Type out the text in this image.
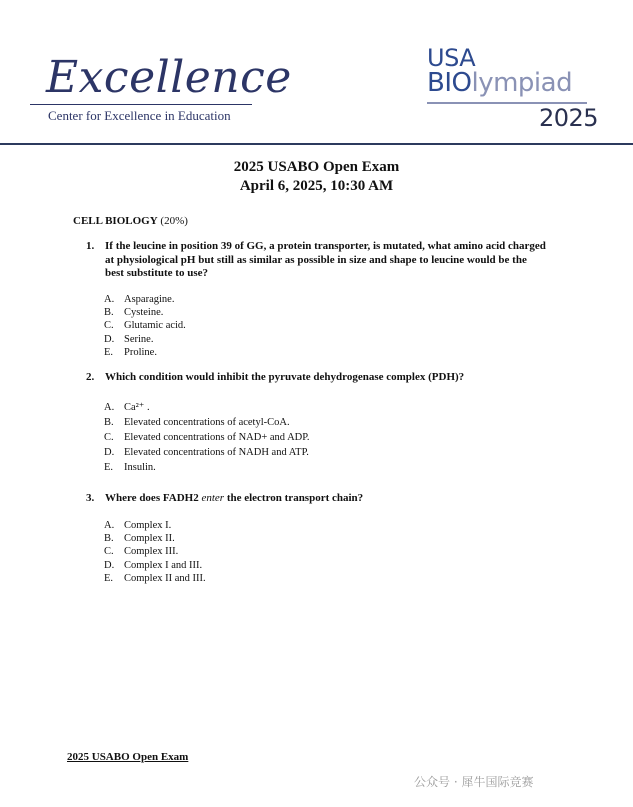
Excellence
Center for Excellence in Education
USA
BIOlympiad
2025
2025 USABO Open Exam
April 6, 2025, 10:30 AM
CELL BIOLOGY (20%)
1. If the leucine in position 39 of GG, a protein transporter, is mutated, what amino acid charged at physiological pH but still as similar as possible in size and shape to leucine would be the best substitute to use?
A. Asparagine.
B. Cysteine.
C. Glutamic acid.
D. Serine.
E. Proline.
2. Which condition would inhibit the pyruvate dehydrogenase complex (PDH)?
A. Ca²⁺ .
B. Elevated concentrations of acetyl-CoA.
C. Elevated concentrations of NAD+ and ADP.
D. Elevated concentrations of NADH and ATP.
E. Insulin.
3. Where does FADH2 enter the electron transport chain?
A. Complex I.
B. Complex II.
C. Complex III.
D. Complex I and III.
E. Complex II and III.
2025 USABO Open Exam
公众号 · 犀牛国际竞赛
